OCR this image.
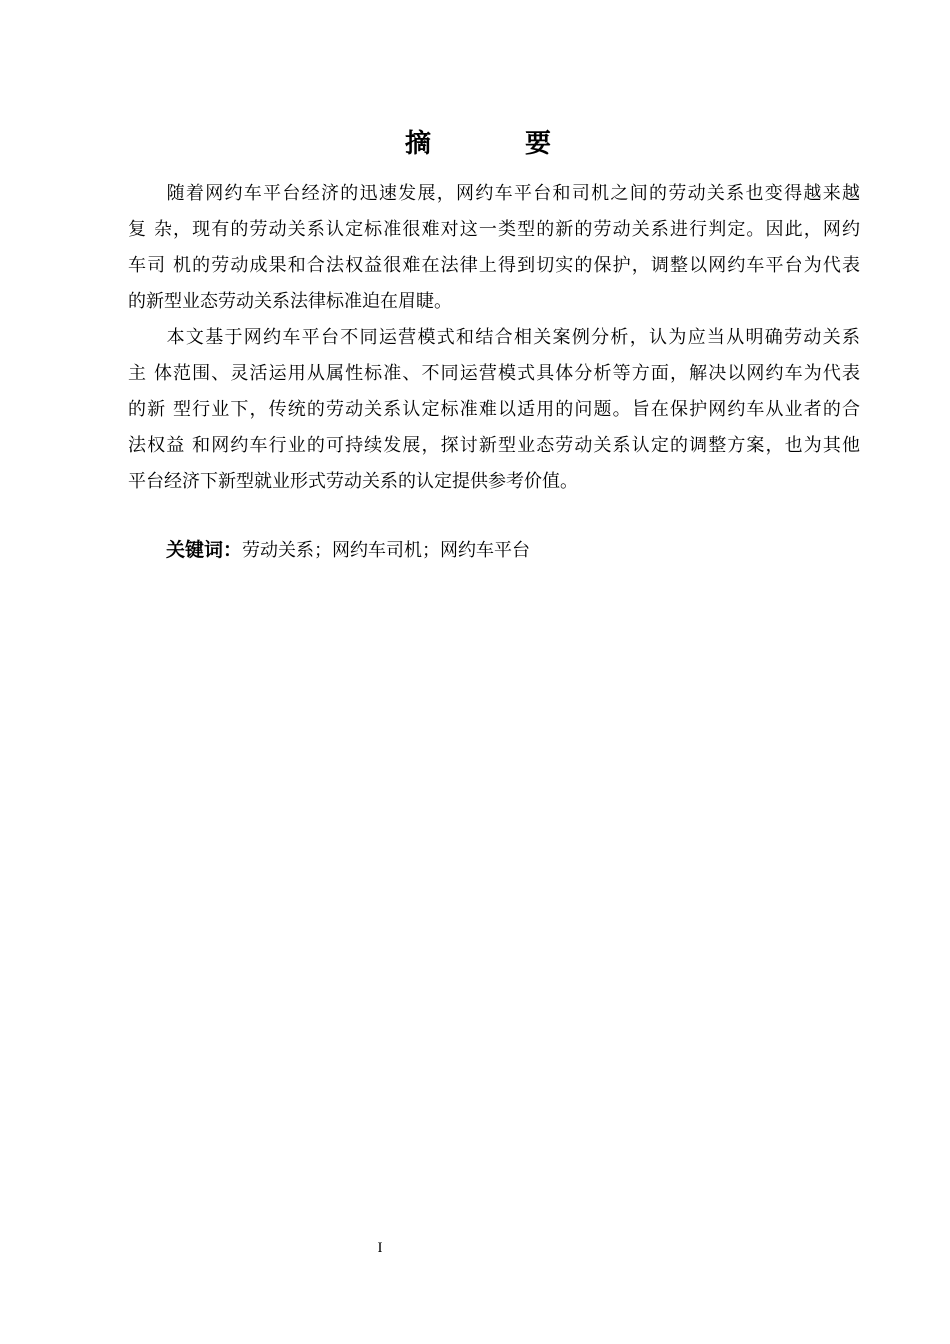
摘　要
　　随着网约车平台经济的迅速发展，网约车平台和司机之间的劳动关系也变得越来越
复 杂，现有的劳动关系认定标准很难对这一类型的新的劳动关系进行判定。因此，网约
车司 机的劳动成果和合法权益很难在法律上得到切实的保护，调整以网约车平台为代表
的新型业态劳动关系法律标准迫在眉睫。
　　本文基于网约车平台不同运营模式和结合相关案例分析，认为应当从明确劳动关系
主 体范围、灵活运用从属性标准、不同运营模式具体分析等方面，解决以网约车为代表
的新 型行业下，传统的劳动关系认定标准难以适用的问题。旨在保护网约车从业者的合
法权益 和网约车行业的可持续发展，探讨新型业态劳动关系认定的调整方案，也为其他
平台经济下新型就业形式劳动关系的认定提供参考价值。
关键词：劳动关系；网约车司机；网约车平台
I
